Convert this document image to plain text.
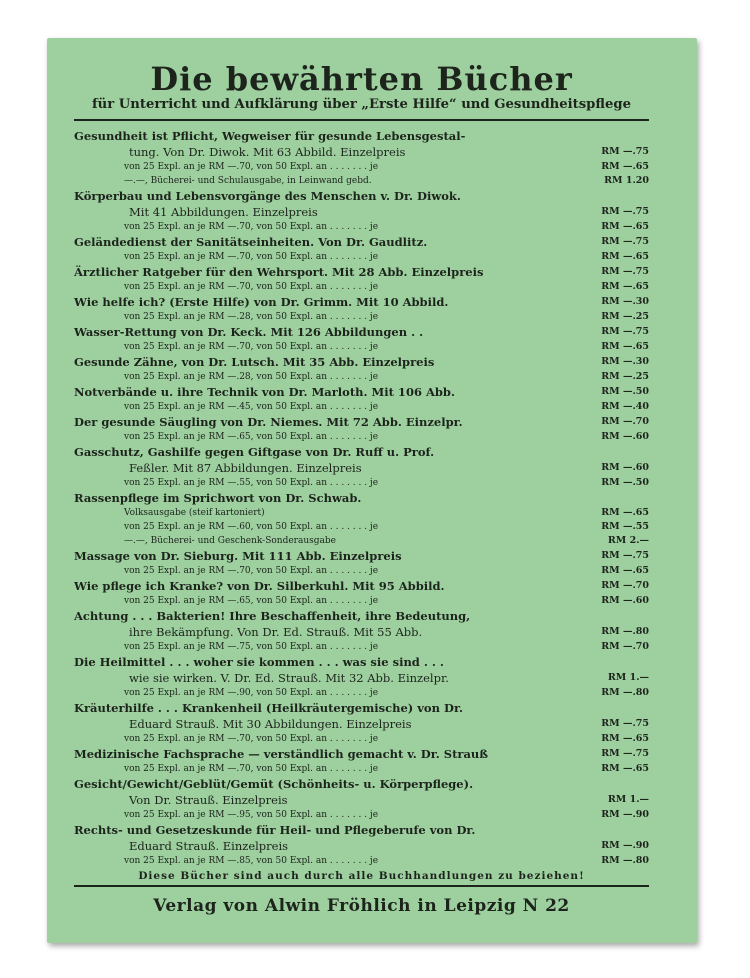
Die bewährten Bücher
für Unterricht und Aufklärung über „Erste Hilfe“ und Gesundheitspflege
Gesundheit ist Pflicht, Wegweiser für gesunde Lebensgestal-
tung. Von Dr. Diwok. Mit 63 Abbild. Einzelpreis	RM —.75
von 25 Expl. an je RM —.70, von 50 Expl. an . . . . . . . je	RM —.65
—.—, Bücherei- und Schulausgabe, in Leinwand gebd.	RM 1.20
Körperbau und Lebensvorgänge des Menschen v. Dr. Diwok.
Mit 41 Abbildungen. Einzelpreis	RM —.75
von 25 Expl. an je RM —.70, von 50 Expl. an . . . . . . . je	RM —.65
Geländedienst der Sanitätseinheiten. Von Dr. Gaudlitz.	RM —.75
von 25 Expl. an je RM —.70, von 50 Expl. an . . . . . . . je	RM —.65
Ärztlicher Ratgeber für den Wehrsport. Mit 28 Abb. Einzelpreis	RM —.75
von 25 Expl. an je RM —.70, von 50 Expl. an . . . . . . . je	RM —.65
Wie helfe ich? (Erste Hilfe) von Dr. Grimm. Mit 10 Abbild.	RM —.30
von 25 Expl. an je RM —.28, von 50 Expl. an . . . . . . . je	RM —.25
Wasser-Rettung von Dr. Keck. Mit 126 Abbildungen . .	RM —.75
von 25 Expl. an je RM —.70, von 50 Expl. an . . . . . . . je	RM —.65
Gesunde Zähne, von Dr. Lutsch. Mit 35 Abb. Einzelpreis	RM —.30
von 25 Expl. an je RM —.28, von 50 Expl. an . . . . . . . je	RM —.25
Notverbände u. ihre Technik von Dr. Marloth. Mit 106 Abb.	RM —.50
von 25 Expl. an je RM —.45, von 50 Expl. an . . . . . . . je	RM —.40
Der gesunde Säugling von Dr. Niemes. Mit 72 Abb. Einzelpr.	RM —.70
von 25 Expl. an je RM —.65, von 50 Expl. an . . . . . . . je	RM —.60
Gasschutz, Gashilfe gegen Giftgase von Dr. Ruff u. Prof.
Feßler. Mit 87 Abbildungen. Einzelpreis	RM —.60
von 25 Expl. an je RM —.55, von 50 Expl. an . . . . . . . je	RM —.50
Rassenpflege im Sprichwort von Dr. Schwab.
Volksausgabe (steif kartoniert)	RM —.65
von 25 Expl. an je RM —.60, von 50 Expl. an . . . . . . . je	RM —.55
—.—, Bücherei- und Geschenk-Sonderausgabe	RM 2.—
Massage von Dr. Sieburg. Mit 111 Abb. Einzelpreis	RM —.75
von 25 Expl. an je RM —.70, von 50 Expl. an . . . . . . . je	RM —.65
Wie pflege ich Kranke? von Dr. Silberkuhl. Mit 95 Abbild.	RM —.70
von 25 Expl. an je RM —.65, von 50 Expl. an . . . . . . . je	RM —.60
Achtung . . . Bakterien! Ihre Beschaffenheit, ihre Bedeutung,
ihre Bekämpfung. Von Dr. Ed. Strauß. Mit 55 Abb.	RM —.80
von 25 Expl. an je RM —.75, von 50 Expl. an . . . . . . . je	RM —.70
Die Heilmittel . . . woher sie kommen . . . was sie sind . . .
wie sie wirken. V. Dr. Ed. Strauß. Mit 32 Abb. Einzelpr.	RM 1.—
von 25 Expl. an je RM —.90, von 50 Expl. an . . . . . . . je	RM —.80
Kräuterhilfe . . . Krankenheil (Heilkräutergemische) von Dr.
Eduard Strauß. Mit 30 Abbildungen. Einzelpreis	RM —.75
von 25 Expl. an je RM —.70, von 50 Expl. an . . . . . . . je	RM —.65
Medizinische Fachsprache — verständlich gemacht v. Dr. Strauß	RM —.75
von 25 Expl. an je RM —.70, von 50 Expl. an . . . . . . . je	RM —.65
Gesicht/Gewicht/Geblüt/Gemüt (Schönheits- u. Körperpflege).
Von Dr. Strauß. Einzelpreis	RM 1.—
von 25 Expl. an je RM —.95, von 50 Expl. an . . . . . . . je	RM —.90
Rechts- und Gesetzeskunde für Heil- und Pflegeberufe von Dr.
Eduard Strauß. Einzelpreis	RM —.90
von 25 Expl. an je RM —.85, von 50 Expl. an . . . . . . . je	RM —.80
Diese Bücher sind auch durch alle Buchhandlungen zu beziehen!
Verlag von Alwin Fröhlich in Leipzig N 22
